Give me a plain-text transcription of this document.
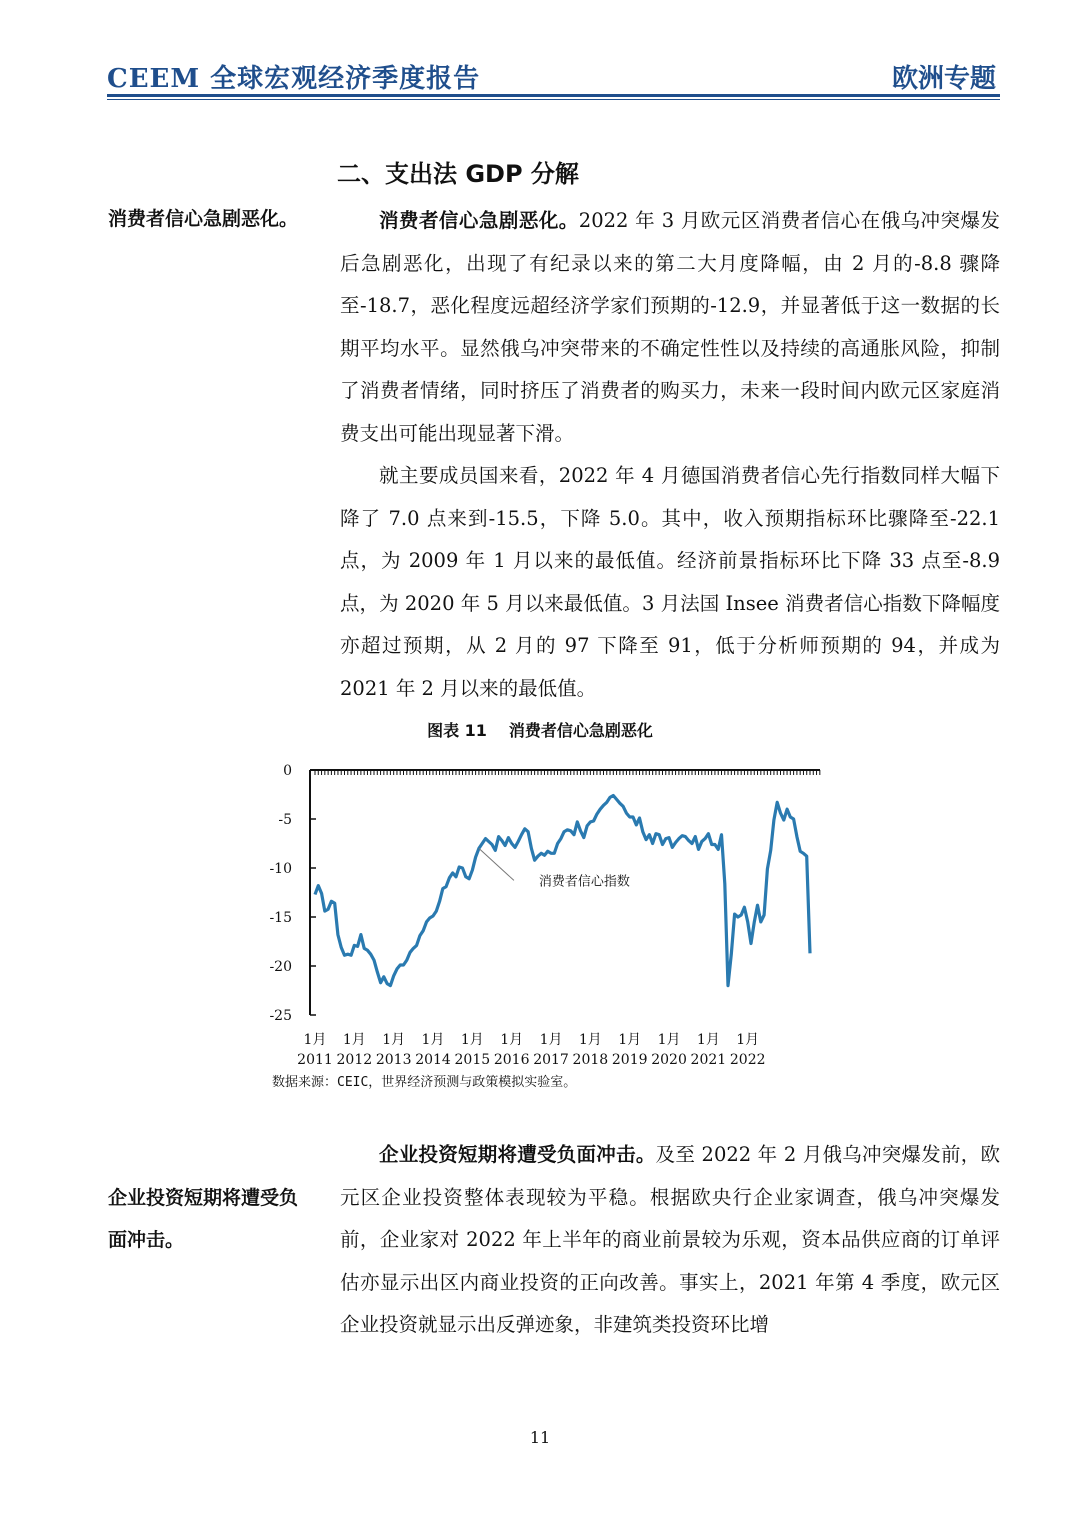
CEEM 全球宏观经济季度报告	欧洲专题
二、支出法 GDP 分解
消费者信心急剧恶化。	消费者信心急剧恶化。2022 年 3 月欧元区消费者信心在俄乌冲突爆发后急剧恶化，出现了有纪录以来的第二大月度降幅，由 2 月的-8.8 骤降至-18.7，恶化程度远超经济学家们预期的-12.9，并显著低于这一数据的长期平均水平。显然俄乌冲突带来的不确定性性以及持续的高通胀风险，抑制了消费者情绪，同时挤压了消费者的购买力，未来一段时间内欧元区家庭消费支出可能出现显著下滑。

就主要成员国来看，2022 年 4 月德国消费者信心先行指数同样大幅下降了 7.0 点来到-15.5，下降 5.0。其中，收入预期指标环比骤降至-22.1 点，为 2009 年 1 月以来的最低值。经济前景指标环比下降 33 点至-8.9 点，为 2020 年 5 月以来最低值。3 月法国 Insee 消费者信心指数下降幅度亦超过预期，从 2 月的 97 下降至 91，低于分析师预期的 94，并成为 2021 年 2 月以来的最低值。

图表 11 消费者信心急剧恶化
0
-5
-10
-15
-20
-25
1月
2011
1月
2012
1月
2013
1月
2014
1月
2015
1月
2016
1月
2017
1月
2018
1月
2019
1月
2020
1月
2021
1月
2022
消费者信心指数
数据来源：CEIC，世界经济预测与政策模拟实验室。
企业投资短期将遭受负面冲击。

企业投资短期将遭受负面冲击。及至 2022 年 2 月俄乌冲突爆发前，欧元区企业投资整体表现较为平稳。根据欧央行企业家调查，俄乌冲突爆发前，企业家对 2022 年上半年的商业前景较为乐观，资本品供应商的订单评估亦显示出区内商业投资的正向改善。事实上，2021 年第 4 季度，欧元区企业投资就显示出反弹迹象，非建筑类投资环比增

11
